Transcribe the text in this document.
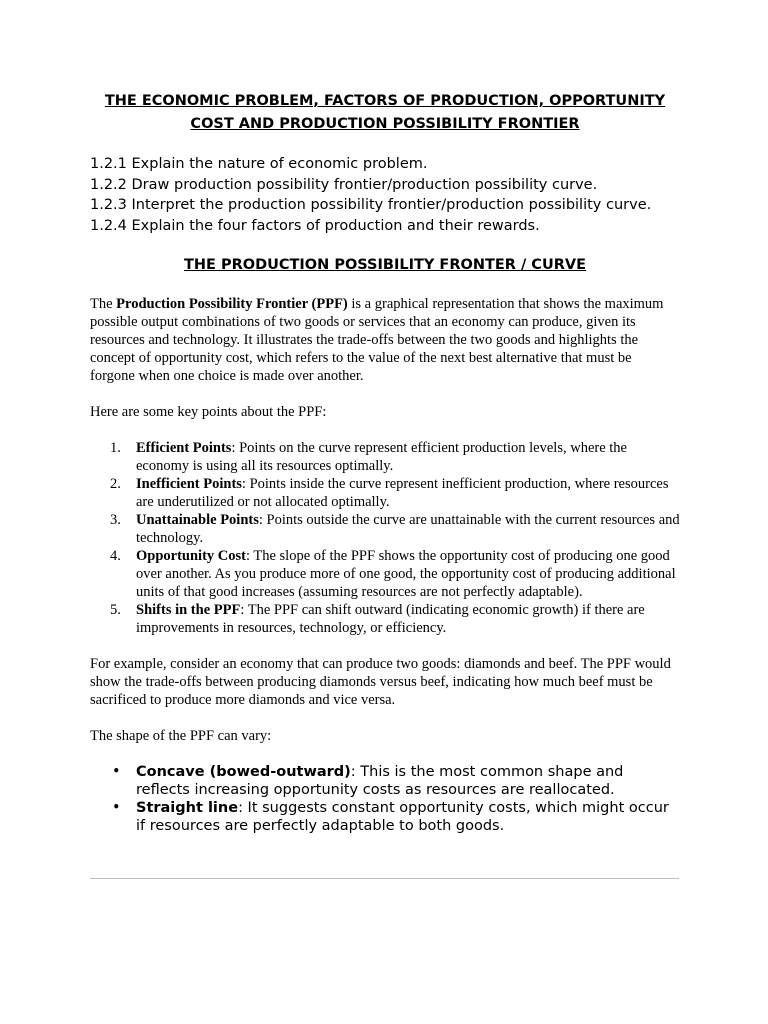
THE ECONOMIC PROBLEM, FACTORS OF PRODUCTION, OPPORTUNITY
COST AND PRODUCTION POSSIBILITY FRONTIER

1.2.1 Explain the nature of economic problem.
1.2.2 Draw production possibility frontier/production possibility curve.
1.2.3 Interpret the production possibility frontier/production possibility curve.
1.2.4 Explain the four factors of production and their rewards.

THE PRODUCTION POSSIBILITY FRONTER / CURVE

The Production Possibility Frontier (PPF) is a graphical representation that shows the maximum possible output combinations of two goods or services that an economy can produce, given its resources and technology. It illustrates the trade-offs between the two goods and highlights the concept of opportunity cost, which refers to the value of the next best alternative that must be forgone when one choice is made over another.

Here are some key points about the PPF:

1. Efficient Points: Points on the curve represent efficient production levels, where the economy is using all its resources optimally.
2. Inefficient Points: Points inside the curve represent inefficient production, where resources are underutilized or not allocated optimally.
3. Unattainable Points: Points outside the curve are unattainable with the current resources and technology.
4. Opportunity Cost: The slope of the PPF shows the opportunity cost of producing one good over another. As you produce more of one good, the opportunity cost of producing additional units of that good increases (assuming resources are not perfectly adaptable).
5. Shifts in the PPF: The PPF can shift outward (indicating economic growth) if there are improvements in resources, technology, or efficiency.

For example, consider an economy that can produce two goods: diamonds and beef. The PPF would show the trade-offs between producing diamonds versus beef, indicating how much beef must be sacrificed to produce more diamonds and vice versa.

The shape of the PPF can vary:

• Concave (bowed-outward): This is the most common shape and reflects increasing opportunity costs as resources are reallocated.
• Straight line: It suggests constant opportunity costs, which might occur if resources are perfectly adaptable to both goods.
